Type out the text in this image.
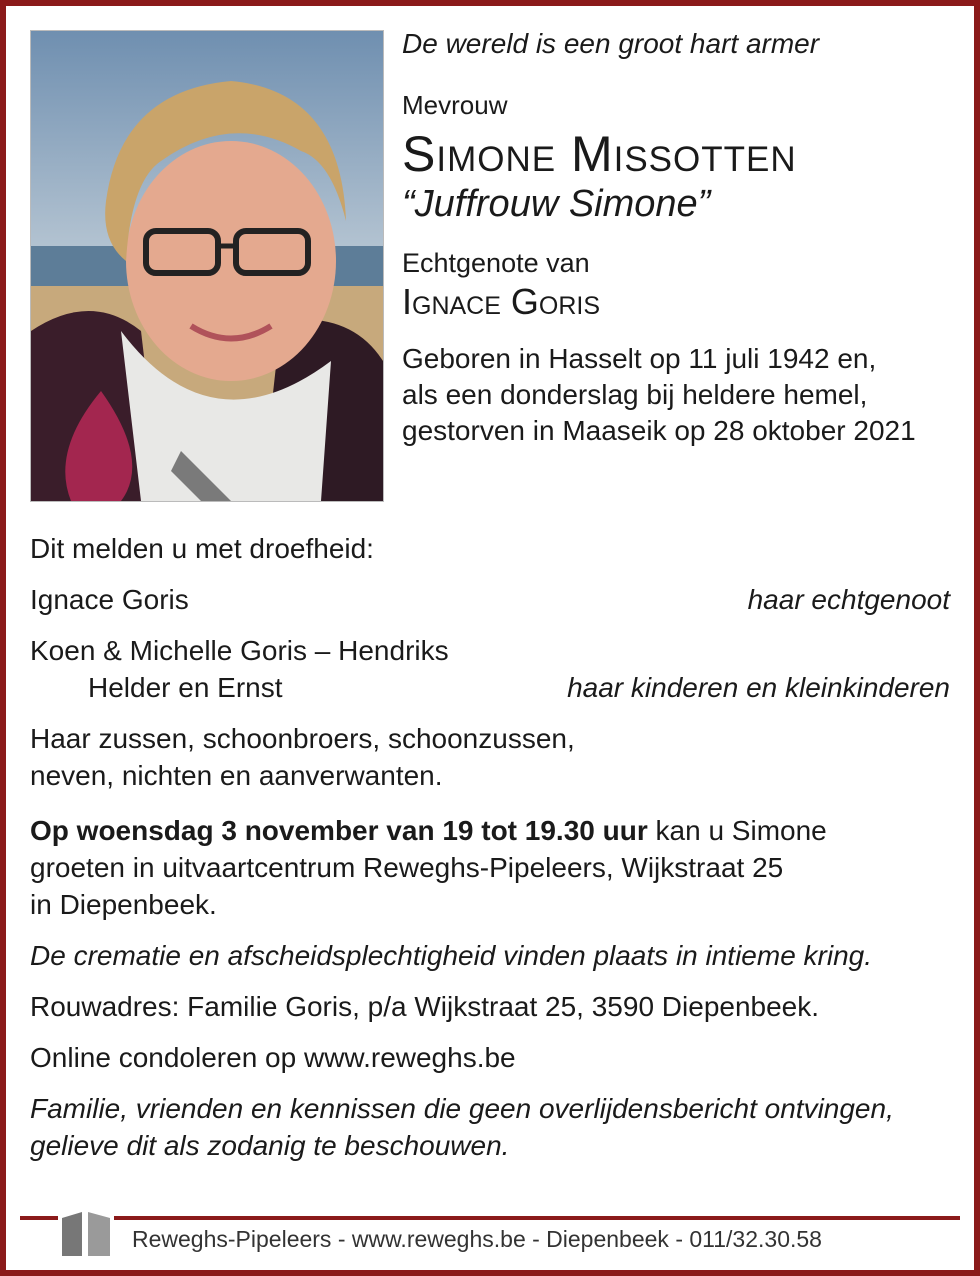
De wereld is een groot hart armer

Mevrouw
Simone Missotten
“Juffrouw Simone”
Echtgenote van
Ignace Goris
Geboren in Hasselt op 11 juli 1942 en,
als een donderslag bij heldere hemel,
gestorven in Maaseik op 28 oktober 2021
Dit melden u met droefheid:
Ignace Goris	haar echtgenoot
Koen & Michelle Goris – Hendriks
Helder en Ernst	haar kinderen en kleinkinderen
Haar zussen, schoonbroers, schoonzussen,
neven, nichten en aanverwanten.
Op woensdag 3 november van 19 tot 19.30 uur kan u Simone
groeten in uitvaartcentrum Reweghs-Pipeleers, Wijkstraat 25
in Diepenbeek.
De crematie en afscheidsplechtigheid vinden plaats in intieme kring.
Rouwadres: Familie Goris, p/a Wijkstraat 25, 3590 Diepenbeek.
Online condoleren op www.reweghs.be
Familie, vrienden en kennissen die geen overlijdensbericht ontvingen,
gelieve dit als zodanig te beschouwen.
Reweghs-Pipeleers - www.reweghs.be - Diepenbeek - 011/32.30.58
